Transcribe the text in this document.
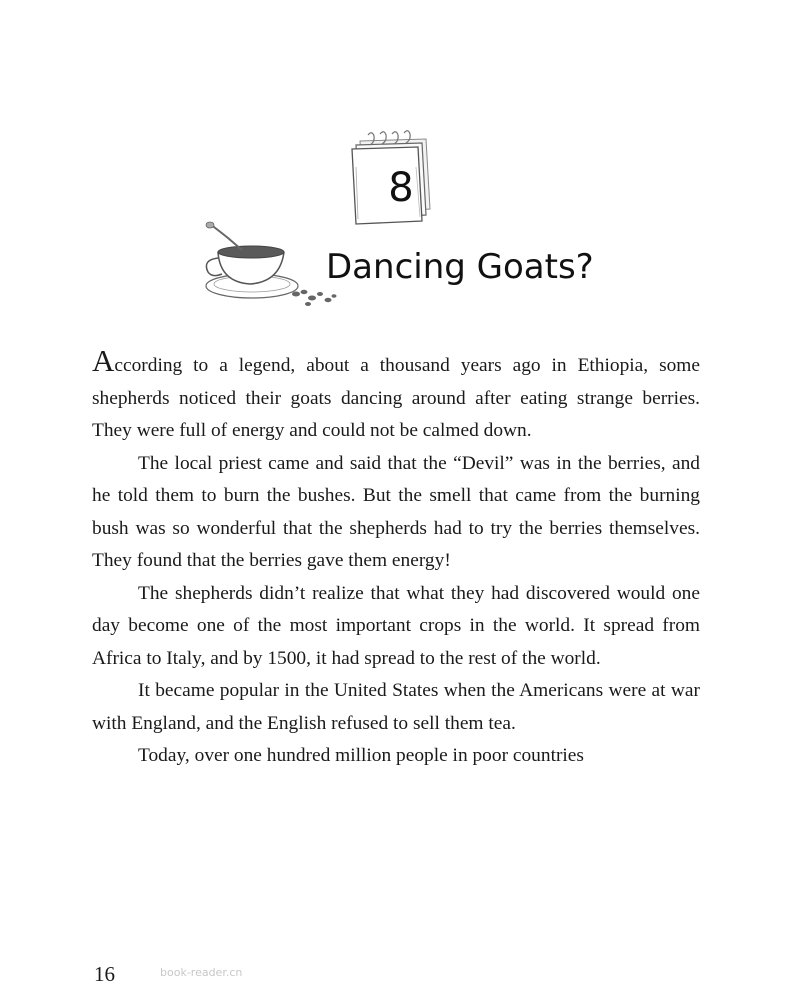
8
Dancing Goats?

According to a legend, about a thousand years ago in Ethiopia, some shepherds noticed their goats dancing around after eating strange berries. They were full of energy and could not be calmed down.

The local priest came and said that the “Devil” was in the berries, and he told them to burn the bushes. But the smell that came from the burning bush was so wonderful that the shepherds had to try the berries themselves. They found that the berries gave them energy!

The shepherds didn’t realize that what they had discovered would one day become one of the most important crops in the world. It spread from Africa to Italy, and by 1500, it had spread to the rest of the world.

It became popular in the United States when the Americans were at war with England, and the English refused to sell them tea.

Today, over one hundred million people in poor countries

16	book-reader.cn
